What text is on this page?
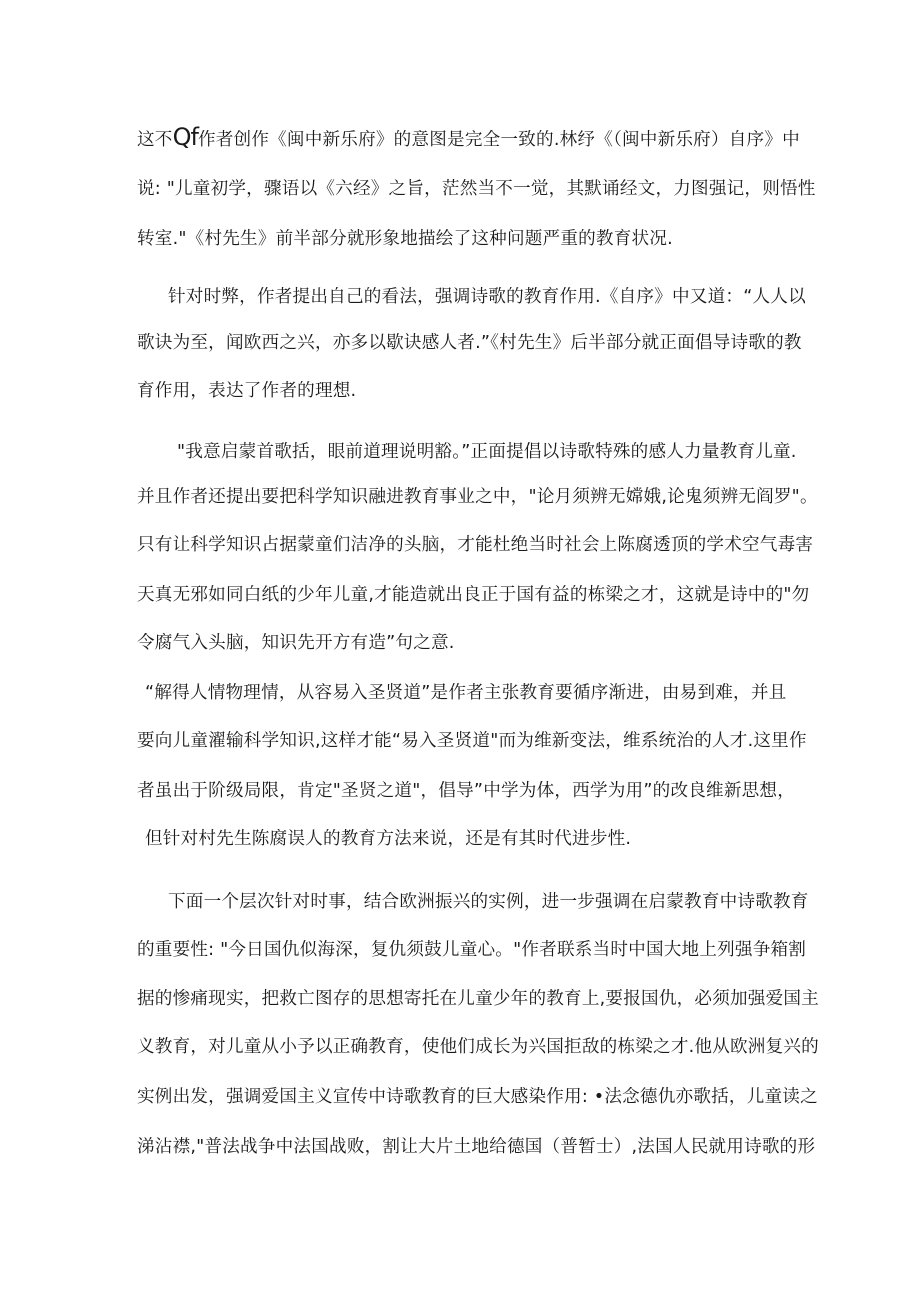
这不Qf作者创作《闽中新乐府》的意图是完全一致的.林纾《（闽中新乐府）自序》中
说: "儿童初学，骤语以《六经》之旨，茫然当不一觉，其默诵经文，力图强记，则悟性
转室."《村先生》前半部分就形象地描绘了这种问题严重的教育状况.
针对时弊，作者提出自己的看法，强调诗歌的教育作用.《自序》中又道：“人人以
歌诀为至，闻欧西之兴，亦多以歇诀感人者.”《村先生》后半部分就正面倡导诗歌的教
育作用，表达了作者的理想.
"我意启蒙首歌括，眼前道理说明豁。”正面提倡以诗歌特殊的感人力量教育儿童.
并且作者还提出要把科学知识融进教育事业之中，"论月须辨无嫦娥,论鬼须辨无阎罗"。
只有让科学知识占据蒙童们洁净的头脑，才能杜绝当时社会上陈腐透顶的学术空气毒害
天真无邪如同白纸的少年儿童,才能造就出良正于国有益的栋梁之才，这就是诗中的"勿
令腐气入头脑，知识先开方有造”句之意.
“解得人情物理情，从容易入圣贤道”是作者主张教育要循序渐进，由易到难，并且
要向儿童濯输科学知识,这样才能“易入圣贤道"而为维新变法，维系统治的人才.这里作
者虽出于阶级局限，肯定"圣贤之道"，倡导”中学为体，西学为用”的改良维新思想，
但针对村先生陈腐误人的教育方法来说，还是有其时代进步性.
下面一个层次针对时事，结合欧洲振兴的实例，进一步强调在启蒙教育中诗歌教育
的重要性: "今日国仇似海深，复仇须鼓儿童心。"作者联系当时中国大地上列强争箱割
据的惨痛现实，把救亡图存的思想寄托在儿童少年的教育上,要报国仇，必须加强爱国主
义教育，对儿童从小予以正确教育，使他们成长为兴国拒敌的栋梁之才.他从欧洲复兴的
实例出发，强调爱国主义宣传中诗歌教育的巨大感染作用: •法念德仇亦歌括，儿童读之
涕沾襟,"普法战争中法国战败，割让大片土地给德国（普暂士）,法国人民就用诗歌的形
